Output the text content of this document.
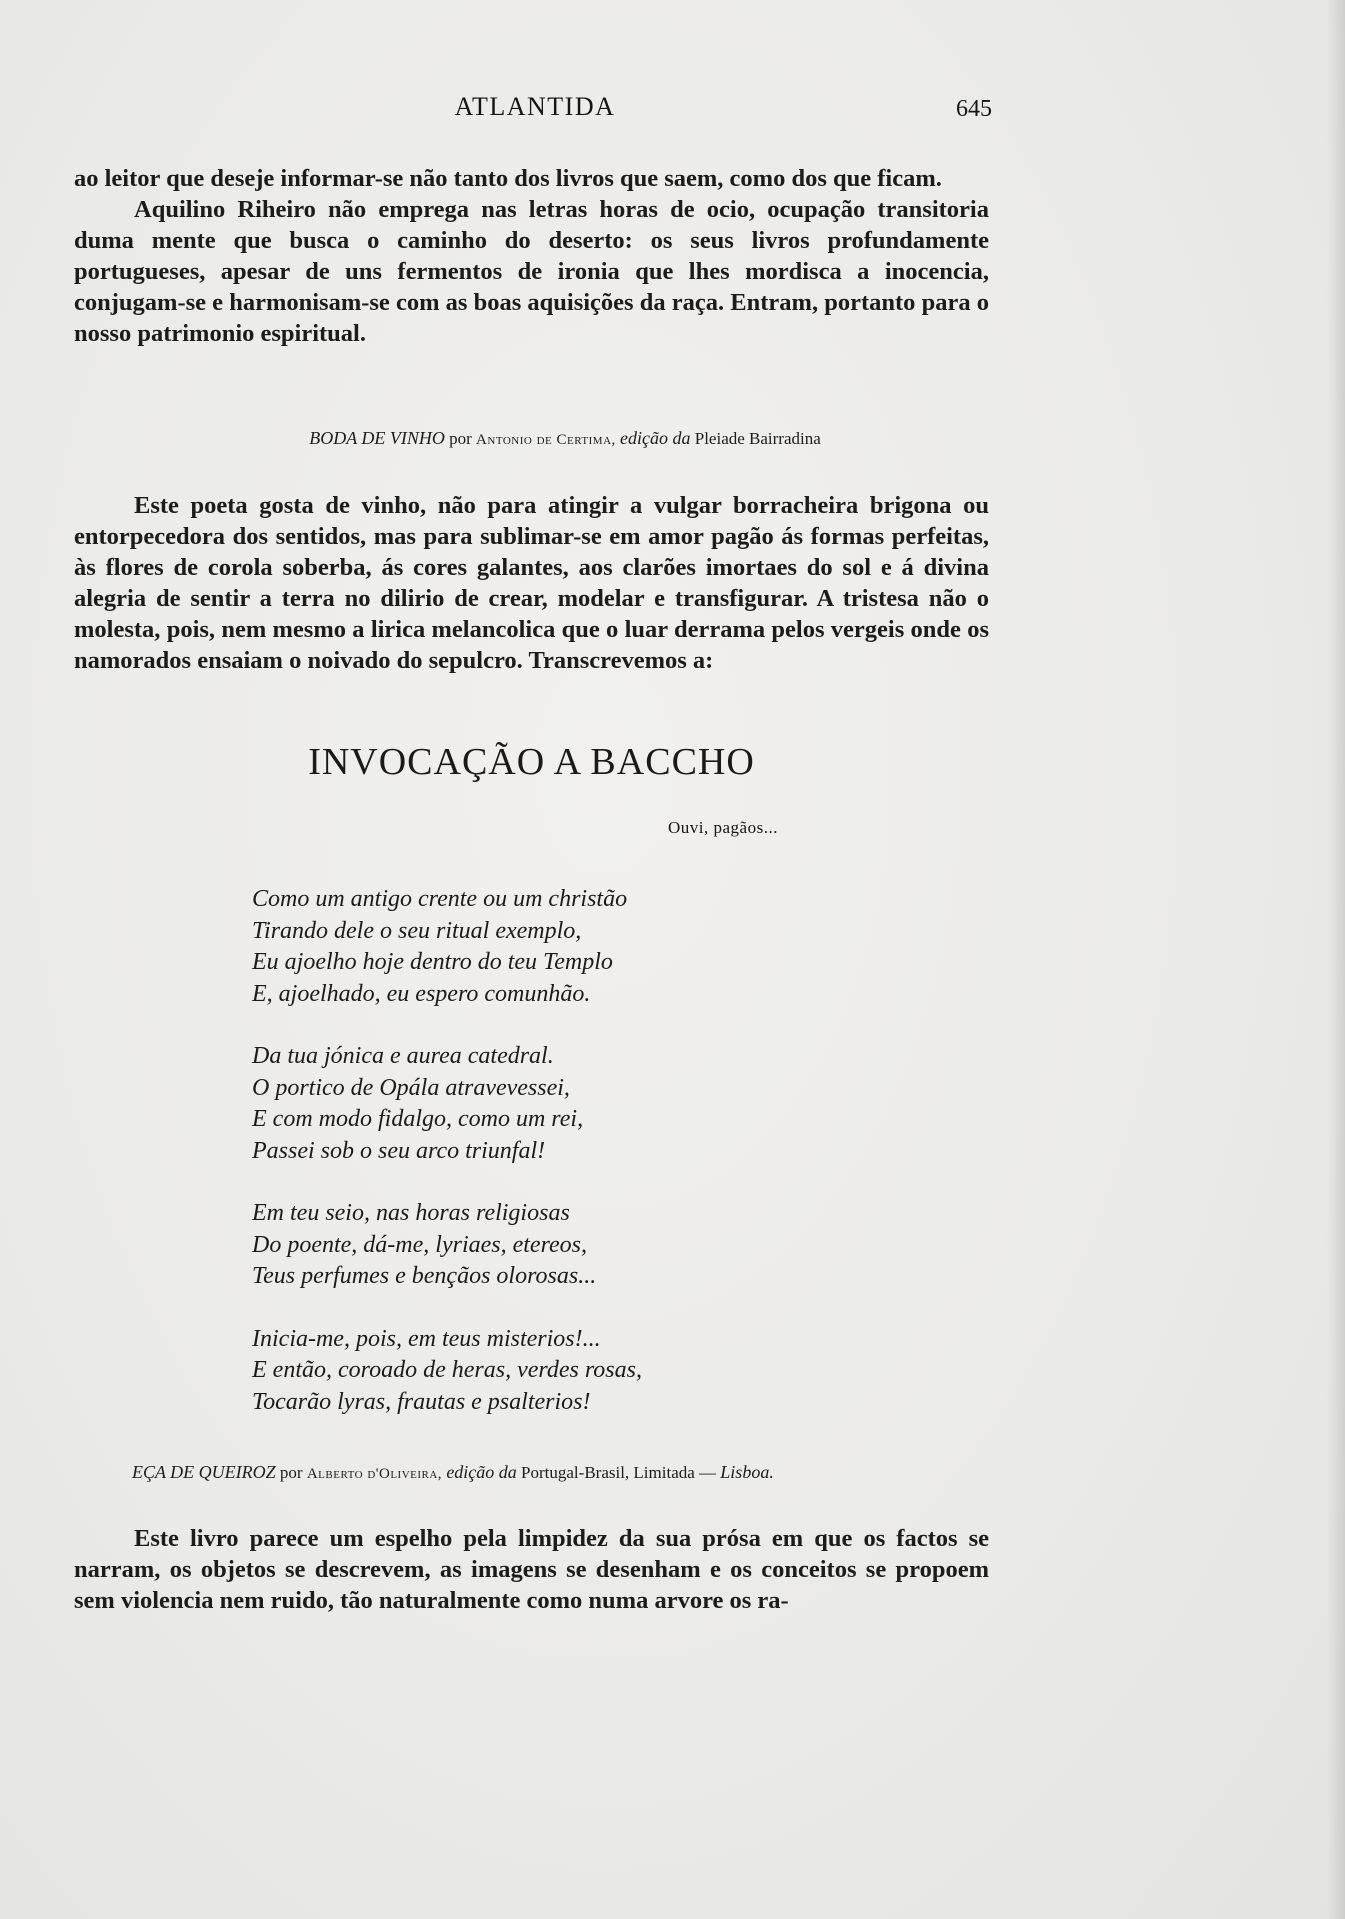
ATLANTIDA	645

ao leitor que deseje informar-se não tanto dos livros que saem, como dos que ficam.

Aquilino Riheiro não emprega nas letras horas de ocio, ocupação transitoria duma mente que busca o caminho do deserto: os seus livros profundamente portugueses, apesar de uns fermentos de ironia que lhes mordisca a inocencia, conjugam-se e harmonisam-se com as boas aquisições da raça. Entram, portanto para o nosso patrimonio espiritual.

BODA DE VINHO por Antonio de Certima, edição da Pleiade Bairradina

Este poeta gosta de vinho, não para atingir a vulgar borracheira brigona ou entorpecedora dos sentidos, mas para sublimar-se em amor pagão ás formas perfeitas, às flores de corola soberba, ás cores galantes, aos clarões imortaes do sol e á divina alegria de sentir a terra no dilirio de crear, modelar e transfigurar. A tristesa não o molesta, pois, nem mesmo a lirica melancolica que o luar derrama pelos vergeis onde os namorados ensaiam o noivado do sepulcro. Transcrevemos a:

INVOCAÇÃO A BACCHO
Ouvi, pagãos...
Como um antigo crente ou um christão
Tirando dele o seu ritual exemplo,
Eu ajoelho hoje dentro do teu Templo
E, ajoelhado, eu espero comunhão.
Da tua jónica e aurea catedral.
O portico de Opála atravevessei,
E com modo fidalgo, como um rei,
Passei sob o seu arco triunfal!
Em teu seio, nas horas religiosas
Do poente, dá-me, lyriaes, etereos,
Teus perfumes e bençãos olorosas...
Inicia-me, pois, em teus misterios!...
E então, coroado de heras, verdes rosas,
Tocarão lyras, frautas e psalterios!
EÇA DE QUEIROZ por Alberto d'Oliveira, edição da Portugal-Brasil, Limitada — Lisboa.

Este livro parece um espelho pela limpidez da sua prósa em que os factos se narram, os objetos se descrevem, as imagens se desenham e os conceitos se propoem sem violencia nem ruido, tão naturalmente como numa arvore os ra-
